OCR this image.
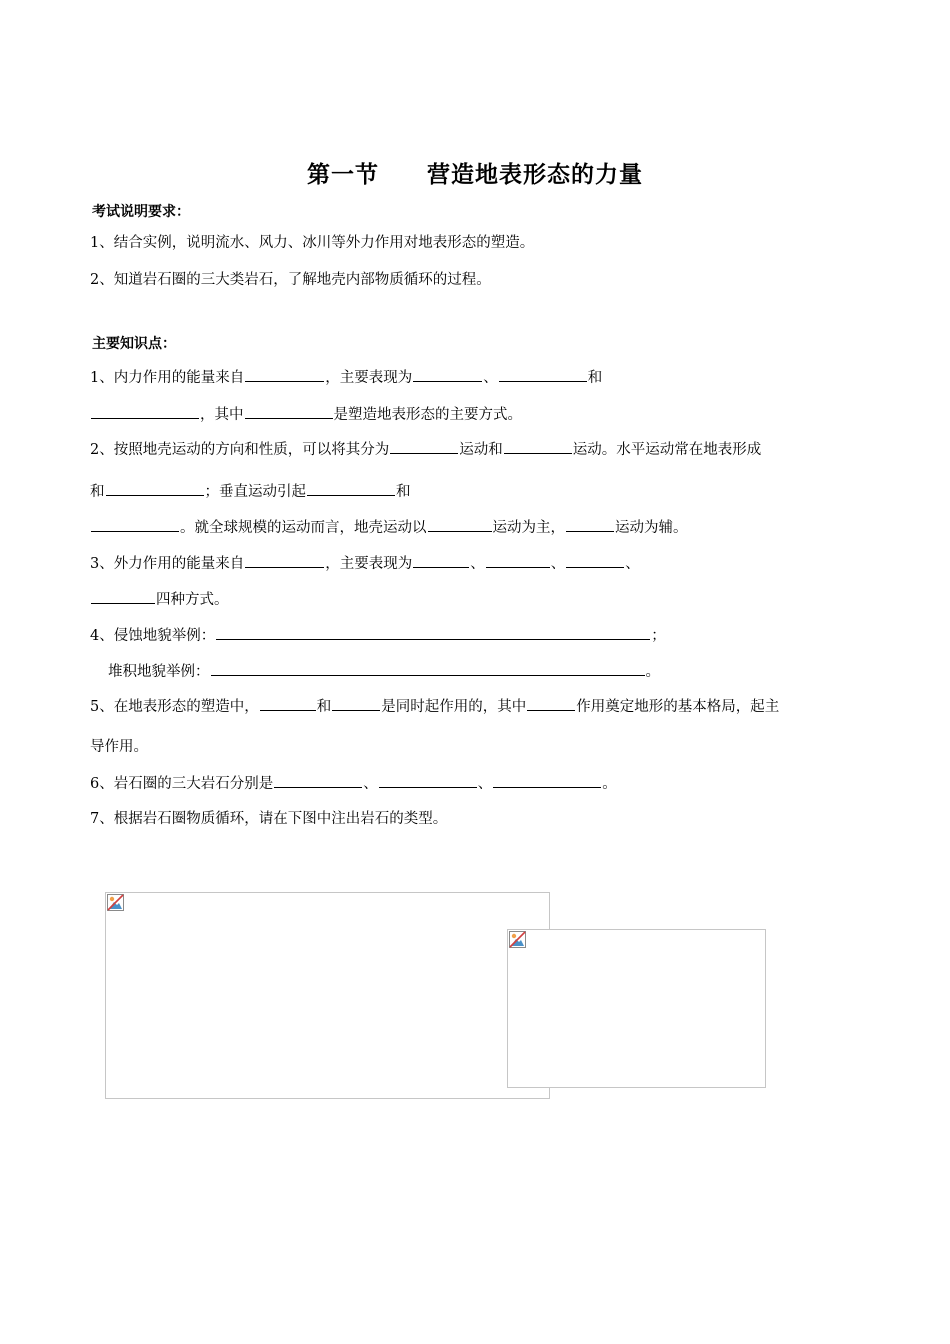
第一节 营造地表形态的力量
考试说明要求：
1、结合实例，说明流水、风力、冰川等外力作用对地表形态的塑造。
2、知道岩石圈的三大类岩石，了解地壳内部物质循环的过程。
主要知识点：
1、内力作用的能量来自	，主要表现为	、	和
，其中	是塑造地表形态的主要方式。
2、按照地壳运动的方向和性质，可以将其分为	运动和	运动。水平运动常在地表形成
和	；垂直运动引起	和
。就全球规模的运动而言，地壳运动以	运动为主，	运动为辅。
3、外力作用的能量来自	，主要表现为	、	、	、
四种方式。
4、侵蚀地貌举例：	；
堆积地貌举例：	。
5、在地表形态的塑造中，	和	是同时起作用的，其中	作用奠定地形的基本格局，起主
导作用。
6、岩石圈的三大岩石分别是	、	、	。
7、根据岩石圈物质循环，请在下图中注出岩石的类型。
